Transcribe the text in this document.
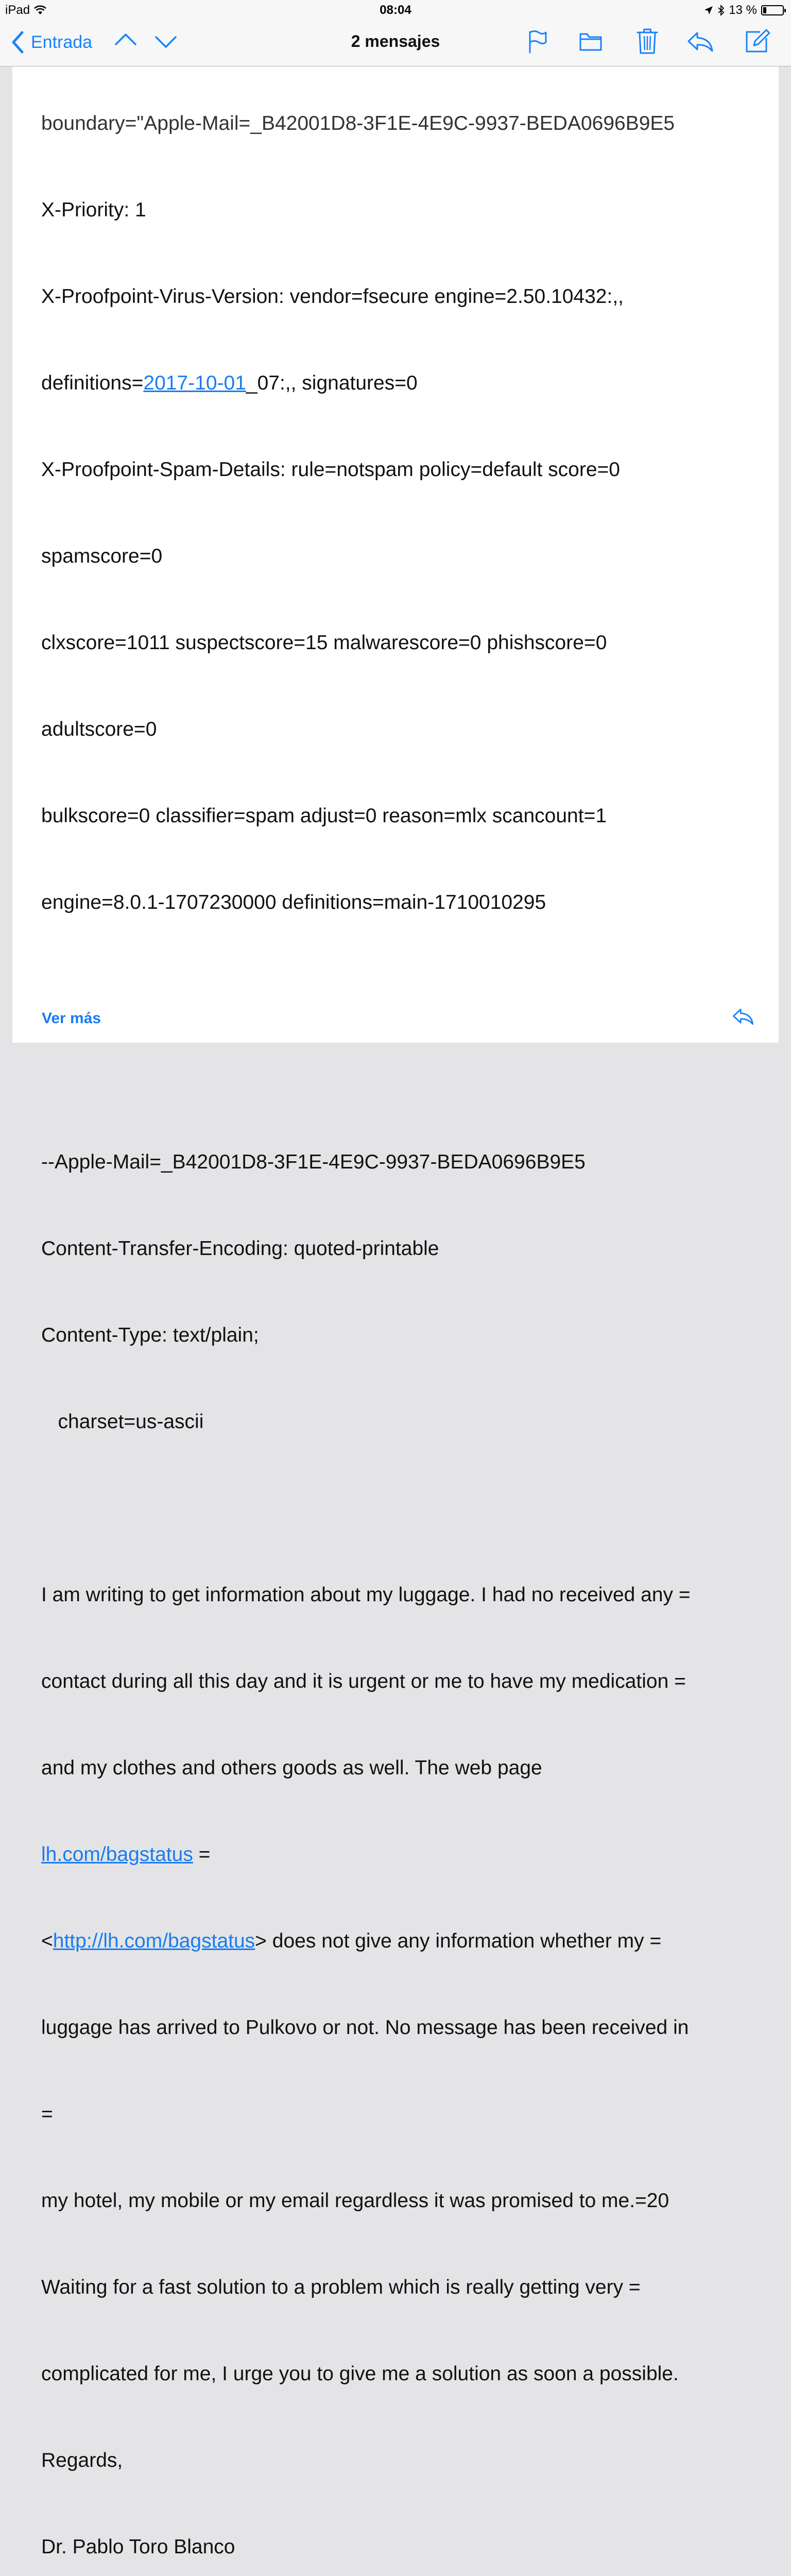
iPad	08:04	13 %
Entrada	2 mensajes

boundary="Apple-Mail=_B42001D8-3F1E-4E9C-9937-BEDA0696B9E5

X-Priority: 1

X-Proofpoint-Virus-Version: vendor=fsecure engine=2.50.10432:,,

definitions=2017-10-01_07:,, signatures=0

X-Proofpoint-Spam-Details: rule=notspam policy=default score=0

spamscore=0

clxscore=1011 suspectscore=15 malwarescore=0 phishscore=0

adultscore=0

bulkscore=0 classifier=spam adjust=0 reason=mlx scancount=1

engine=8.0.1-1707230000 definitions=main-1710010295

--Apple-Mail=_B42001D8-3F1E-4E9C-9937-BEDA0696B9E5

Content-Transfer-Encoding: quoted-printable

Content-Type: text/plain;

charset=us-ascii

I am writing to get information about my luggage. I had no received any =

contact during all this day and it is urgent or me to have my medication =

and my clothes and others goods as well. The web page

lh.com/bagstatus =

<http://lh.com/bagstatus> does not give any information whether my =

luggage has arrived to Pulkovo or not. No message has been received in

=

my hotel, my mobile or my email regardless it was promised to me.=20

Waiting for a fast solution to a problem which is really getting very =

complicated for me, I urge you to give me a solution as soon a possible.

Regards,

Dr. Pablo Toro Blanco

Ver más
